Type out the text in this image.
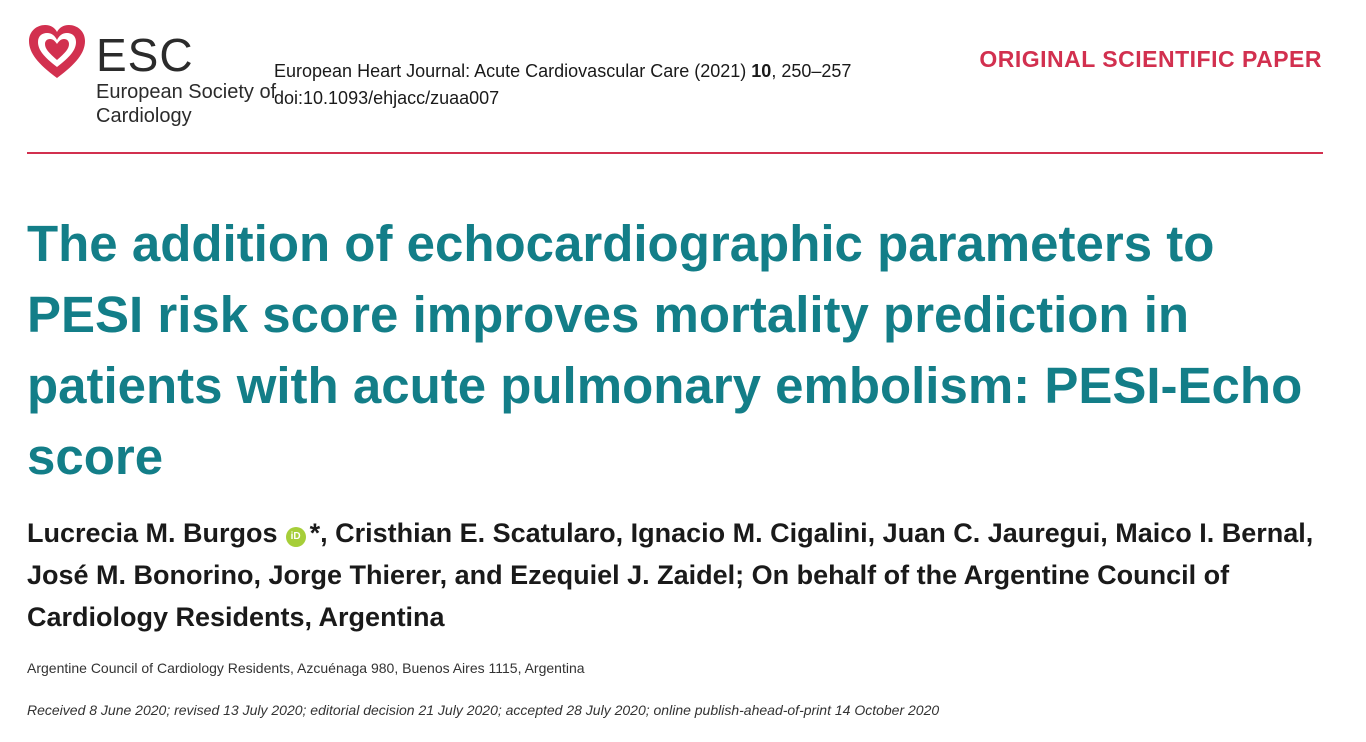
ESC
European Society of Cardiology
European Heart Journal: Acute Cardiovascular Care (2021) 10, 250–257
doi:10.1093/ehjacc/zuaa007
ORIGINAL SCIENTIFIC PAPER
The addition of echocardiographic parameters to PESI risk score improves mortality prediction in patients with acute pulmonary embolism: PESI-Echo score
Lucrecia M. Burgos iD *, Cristhian E. Scatularo, Ignacio M. Cigalini, Juan C. Jauregui, Maico I. Bernal, José M. Bonorino, Jorge Thierer, and Ezequiel J. Zaidel; On behalf of the Argentine Council of Cardiology Residents, Argentina
Argentine Council of Cardiology Residents, Azcuénaga 980, Buenos Aires 1115, Argentina
Received 8 June 2020; revised 13 July 2020; editorial decision 21 July 2020; accepted 28 July 2020; online publish-ahead-of-print 14 October 2020
